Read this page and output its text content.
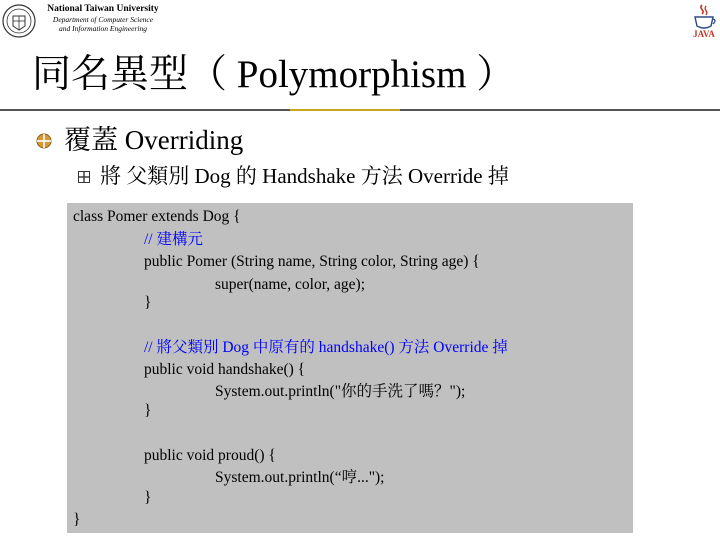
National Taiwan University
Department of Computer Science
and Information Engineering
JAVA
同名異型（ Polymorphism ）
覆蓋 Overriding
將 父類別 Dog 的 Handshake 方法 Override 掉
class Pomer extends Dog {
// 建構元
public Pomer (String name, String color, String age) {
super(name, color, age);
}
// 將父類別 Dog 中原有的 handshake() 方法 Override 掉
public void handshake() {
System.out.println("你的手洗了嗎？");
}
public void proud() {
System.out.println(“哼...");
}
}
